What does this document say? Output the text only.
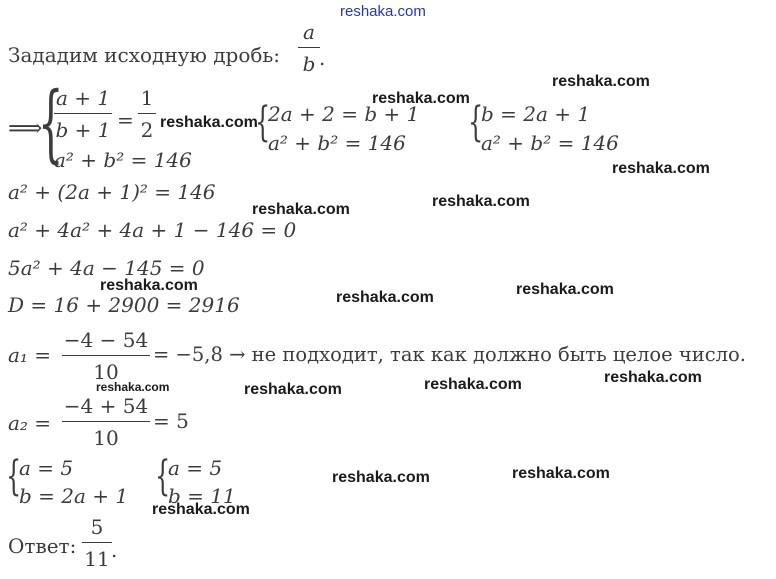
Зададим исходную дробь:
a
b .
⟹
{
a + 1
b + 1 =
1
2
a² + b² = 146
{
2a + 2 = b + 1
a² + b² = 146	{
b = 2a + 1
a² + b² = 146
a² + (2a + 1)² = 146
a² + 4a² + 4a + 1 − 146 = 0
5a² + 4a − 145 = 0
D = 16 + 2900 = 2916
a₁ =
−4 − 54
10
= −5,8 → не подходит, так как должно быть целое число.
a₂ =
−4 + 54
10
= 5
{
a = 5
b = 2a + 1 {
a = 5
b = 11
Ответ:
5
11 .
reshaka.com
reshaka.com
reshaka.com
reshaka.com
reshaka.com
reshaka.com
reshaka.com
reshaka.com	reshaka.com
reshaka.com
reshaka.com
reshaka.com
reshaka.com
reshaka.com
reshaka.com
reshaka.com
reshaka.com
